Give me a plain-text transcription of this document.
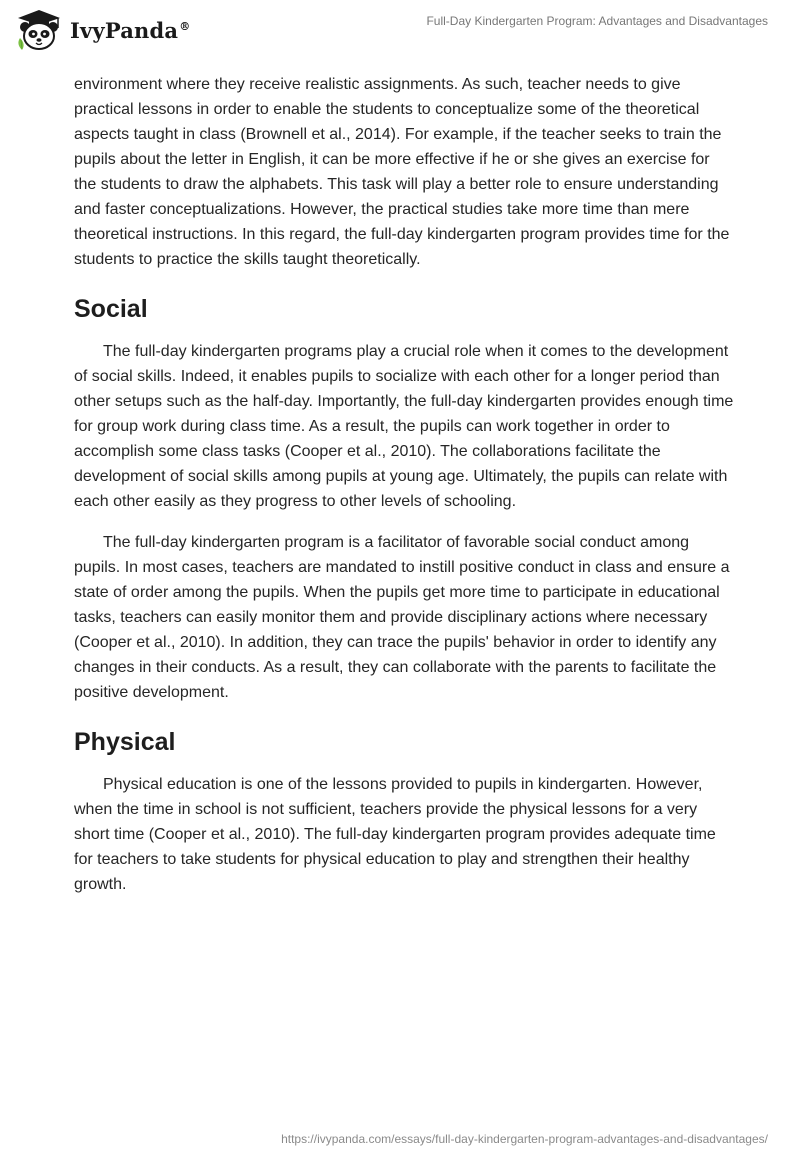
IvyPanda®	Full-Day Kindergarten Program: Advantages and Disadvantages

environment where they receive realistic assignments. As such, teacher needs to give practical lessons in order to enable the students to conceptualize some of the theoretical aspects taught in class (Brownell et al., 2014). For example, if the teacher seeks to train the pupils about the letter in English, it can be more effective if he or she gives an exercise for the students to draw the alphabets. This task will play a better role to ensure understanding and faster conceptualizations. However, the practical studies take more time than mere theoretical instructions. In this regard, the full-day kindergarten program provides time for the students to practice the skills taught theoretically.

Social

The full-day kindergarten programs play a crucial role when it comes to the development of social skills. Indeed, it enables pupils to socialize with each other for a longer period than other setups such as the half-day. Importantly, the full-day kindergarten provides enough time for group work during class time. As a result, the pupils can work together in order to accomplish some class tasks (Cooper et al., 2010). The collaborations facilitate the development of social skills among pupils at young age. Ultimately, the pupils can relate with each other easily as they progress to other levels of schooling.

The full-day kindergarten program is a facilitator of favorable social conduct among pupils. In most cases, teachers are mandated to instill positive conduct in class and ensure a state of order among the pupils. When the pupils get more time to participate in educational tasks, teachers can easily monitor them and provide disciplinary actions where necessary (Cooper et al., 2010). In addition, they can trace the pupils' behavior in order to identify any changes in their conducts. As a result, they can collaborate with the parents to facilitate the positive development.

Physical

Physical education is one of the lessons provided to pupils in kindergarten. However, when the time in school is not sufficient, teachers provide the physical lessons for a very short time (Cooper et al., 2010). The full-day kindergarten program provides adequate time for teachers to take students for physical education to play and strengthen their healthy growth.

https://ivypanda.com/essays/full-day-kindergarten-program-advantages-and-disadvantages/
